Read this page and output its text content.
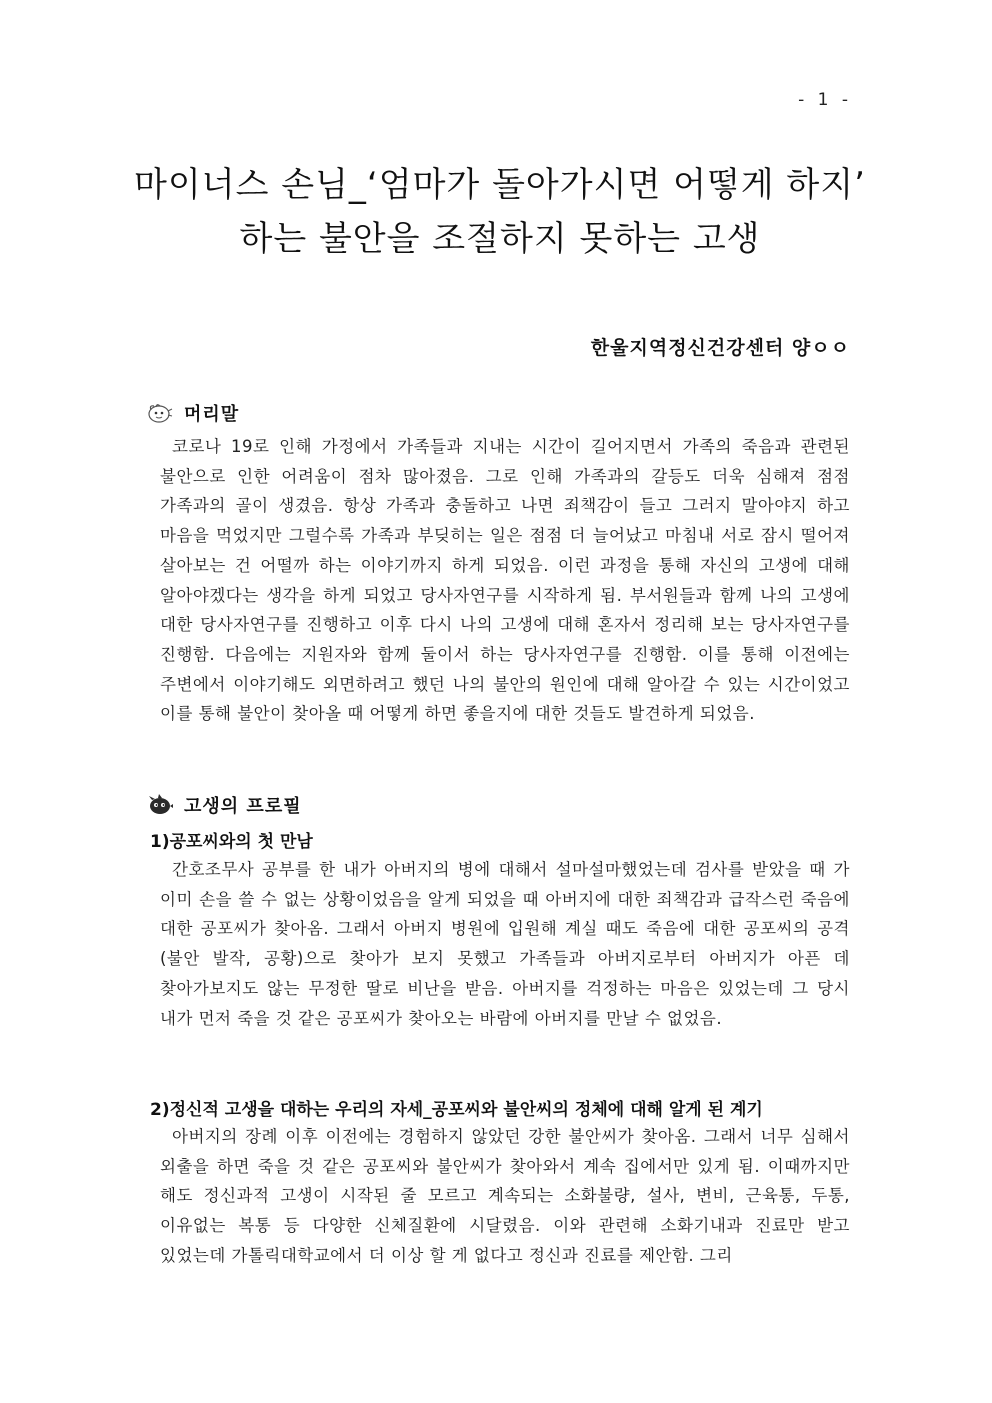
- 1 -
마이너스 손님_‘엄마가 돌아가시면 어떻게 하지’
하는 불안을 조절하지 못하는 고생
한울지역정신건강센터 양ㅇㅇ
머리말
코로나 19로 인해 가정에서 가족들과 지내는 시간이 길어지면서 가족의 죽음과 관련된 불안으로 인한 어려움이 점차 많아졌음. 그로 인해 가족과의 갈등도 더욱 심해져 점점 가족과의 골이 생겼음. 항상 가족과 충돌하고 나면 죄책감이 들고 그러지 말아야지 하고 마음을 먹었지만 그럴수록 가족과 부딪히는 일은 점점 더 늘어났고 마침내 서로 잠시 떨어져 살아보는 건 어떨까 하는 이야기까지 하게 되었음. 이런 과정을 통해 자신의 고생에 대해 알아야겠다는 생각을 하게 되었고 당사자연구를 시작하게 됨. 부서원들과 함께 나의 고생에 대한 당사자연구를 진행하고 이후 다시 나의 고생에 대해 혼자서 정리해 보는 당사자연구를 진행함. 다음에는 지원자와 함께 둘이서 하는 당사자연구를 진행함. 이를 통해 이전에는 주변에서 이야기해도 외면하려고 했던 나의 불안의 원인에 대해 알아갈 수 있는 시간이었고 이를 통해 불안이 찾아올 때 어떻게 하면 좋을지에 대한 것들도 발견하게 되었음.
고생의 프로필
1)공포씨와의 첫 만남
간호조무사 공부를 한 내가 아버지의 병에 대해서 설마설마했었는데 검사를 받았을 때 가 이미 손을 쓸 수 없는 상황이었음을 알게 되었을 때 아버지에 대한 죄책감과 급작스런 죽음에 대한 공포씨가 찾아옴. 그래서 아버지 병원에 입원해 계실 때도 죽음에 대한 공포씨의 공격(불안 발작, 공황)으로 찾아가 보지 못했고 가족들과 아버지로부터 아버지가 아픈 데 찾아가보지도 않는 무정한 딸로 비난을 받음. 아버지를 걱정하는 마음은 있었는데 그 당시 내가 먼저 죽을 것 같은 공포씨가 찾아오는 바람에 아버지를 만날 수 없었음.
2)정신적 고생을 대하는 우리의 자세_공포씨와 불안씨의 정체에 대해 알게 된 계기
아버지의 장례 이후 이전에는 경험하지 않았던 강한 불안씨가 찾아옴. 그래서 너무 심해서 외출을 하면 죽을 것 같은 공포씨와 불안씨가 찾아와서 계속 집에서만 있게 됨. 이때까지만 해도 정신과적 고생이 시작된 줄 모르고 계속되는 소화불량, 설사, 변비, 근육통, 두통, 이유없는 복통 등 다양한 신체질환에 시달렸음. 이와 관련해 소화기내과 진료만 받고 있었는데 가톨릭대학교에서 더 이상 할 게 없다고 정신과 진료를 제안함. 그리
